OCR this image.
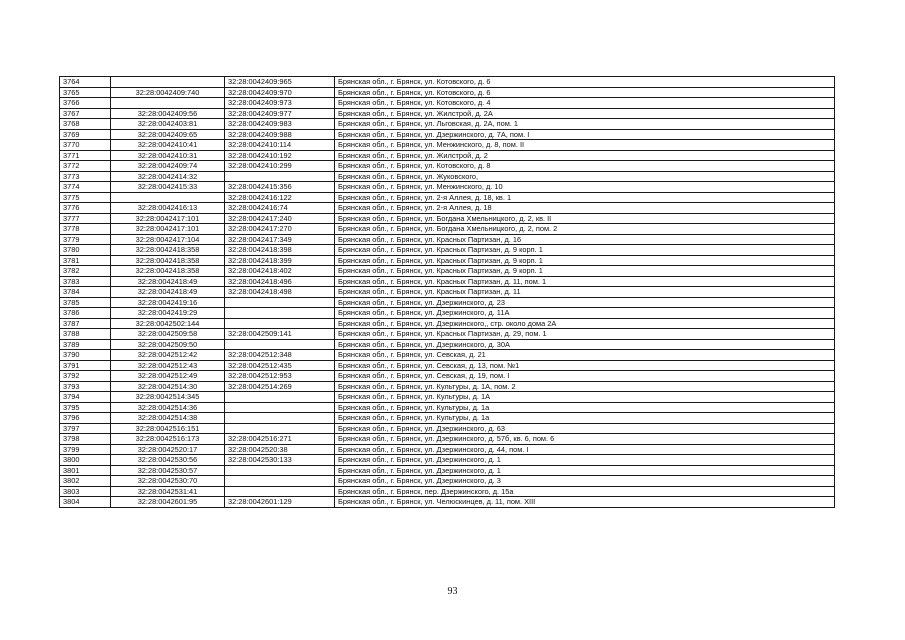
3764		32:28:0042409:965	Брянская обл., г. Брянск, ул. Котовского, д. 6
3765	32:28:0042409:740	32:28:0042409:970	Брянская обл., г. Брянск, ул. Котовского, д. 6
3766		32:28:0042409:973	Брянская обл., г. Брянск, ул. Котовского, д. 4
3767	32:28:0042409:56	32:28:0042409:977	Брянская обл., г. Брянск, ул. Жилстрой, д. 2А
3768	32:28:0042403:81	32:28:0042409:983	Брянская обл., г. Брянск, ул. Льговская, д. 2А, пом. 1
3769	32:28:0042409:65	32:28:0042409:988	Брянская обл., г. Брянск, ул. Дзержинского, д. 7А, пом. I
3770	32:28:0042410:41	32:28:0042410:114	Брянская обл., г. Брянск, ул. Менжинского, д. 8, пом. II
3771	32:28:0042410:31	32:28:0042410:192	Брянская обл., г. Брянск, ул. Жилстрой, д. 2
3772	32:28:0042409:74	32:28:0042410:299	Брянская обл., г. Брянск, ул. Котовского, д. 8
3773	32:28:0042414:32		Брянская обл., г. Брянск, ул. Жуковского,
3774	32:28:0042415:33	32:28:0042415:356	Брянская обл., г. Брянск, ул. Менжинского, д. 10
3775		32:28:0042416:122	Брянская обл., г. Брянск, ул. 2-я Аллея, д. 18, кв. 1
3776	32:28:0042416:13	32:28:0042416:74	Брянская обл., г. Брянск, ул. 2-я Аллея, д. 18
3777	32:28:0042417:101	32:28:0042417:240	Брянская обл., г. Брянск, ул. Богдана Хмельницкого, д. 2, кв. II
3778	32:28:0042417:101	32:28:0042417:270	Брянская обл., г. Брянск, ул. Богдана Хмельницкого, д. 2, пом. 2
3779	32:28:0042417:104	32:28:0042417:349	Брянская обл., г. Брянск, ул. Красных Партизан, д. 16
3780	32:28:0042418:358	32:28:0042418:398	Брянская обл., г. Брянск, ул. Красных Партизан, д. 9 корп. 1
3781	32:28:0042418:358	32:28:0042418:399	Брянская обл., г. Брянск, ул. Красных Партизан, д. 9 корп. 1
3782	32:28:0042418:358	32:28:0042418:402	Брянская обл., г. Брянск, ул. Красных Партизан, д. 9 корп. 1
3783	32:28:0042418:49	32:28:0042418:496	Брянская обл., г. Брянск, ул. Красных Партизан, д. 11, пом. 1
3784	32:28:0042418:49	32:28:0042418:498	Брянская обл., г. Брянск, ул. Красных Партизан, д. 11
3785	32:28:0042419:16		Брянская обл., г. Брянск, ул. Дзержинского, д. 23
3786	32:28:0042419:29		Брянская обл., г. Брянск, ул. Дзержинского, д. 11А
3787	32:28:0042502:144		Брянская обл., г. Брянск, ул. Дзержинского,, стр. около дома 2А
3788	32:28:0042509:58	32:28:0042509:141	Брянская обл., г. Брянск, ул. Красных Партизан, д. 29, пом. 1
3789	32:28:0042509:50		Брянская обл., г. Брянск, ул. Дзержинского, д. 30А
3790	32:28:0042512:42	32:28:0042512:348	Брянская обл., г. Брянск, ул. Севская, д. 21
3791	32:28:0042512:43	32:28:0042512:435	Брянская обл., г. Брянск, ул. Севская, д. 13, пом. №1
3792	32:28:0042512:49	32:28:0042512:953	Брянская обл., г. Брянск, ул. Севская, д. 19, пом. I
3793	32:28:0042514:30	32:28:0042514:269	Брянская обл., г. Брянск, ул. Культуры, д. 1А, пом. 2
3794	32:28:0042514:345		Брянская обл., г. Брянск, ул. Культуры, д. 1А
3795	32:28:0042514:36		Брянская обл., г. Брянск, ул. Культуры, д. 1а
3796	32:28:0042514:38		Брянская обл., г. Брянск, ул. Культуры, д. 1а
3797	32:28:0042516:151		Брянская обл., г. Брянск, ул. Дзержинского, д. 63
3798	32:28:0042516:173	32:28:0042516:271	Брянская обл., г. Брянск, ул. Дзержинского, д. 57б, кв. 6, пом. 6
3799	32:28:0042520:17	32:28:0042520:38	Брянская обл., г. Брянск, ул. Дзержинского, д. 44, пом. I
3800	32:28:0042530:56	32:28:0042530:133	Брянская обл., г. Брянск, ул. Дзержинского, д. 1
3801	32:28:0042530:57		Брянская обл., г. Брянск, ул. Дзержинского, д. 1
3802	32:28:0042530:70		Брянская обл., г. Брянск, ул. Дзержинского, д. 3
3803	32:28:0042531:41		Брянская обл., г. Брянск, пер. Дзержинского, д. 15а
3804	32:28:0042601:95	32:28:0042601:129	Брянская обл., г. Брянск, ул. Челюскинцев, д. 11, пом. XIII
93
